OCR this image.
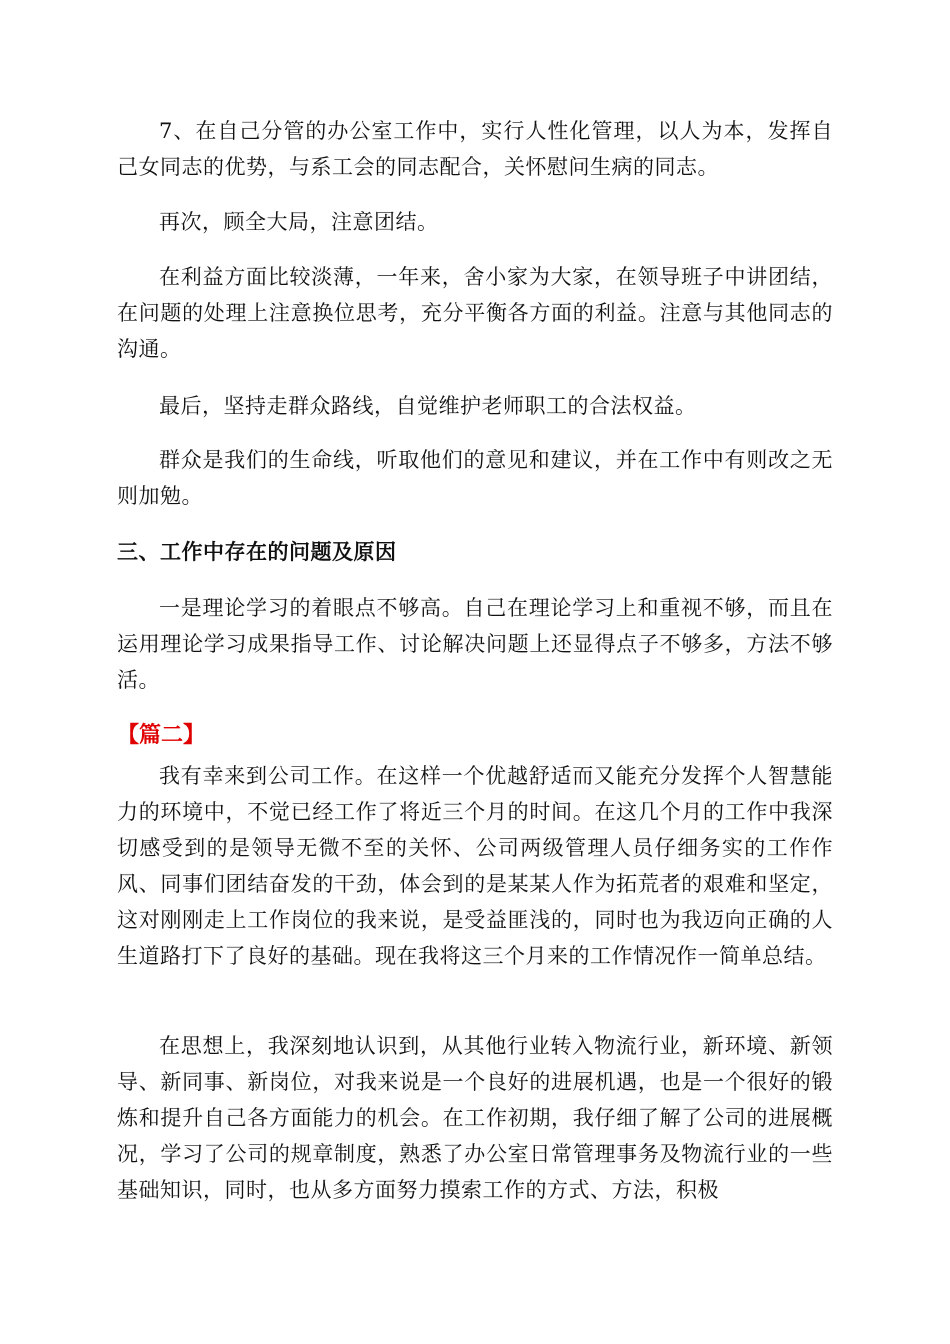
7、在自己分管的办公室工作中，实行人性化管理，以人为本，发挥自己女同志的优势，与系工会的同志配合，关怀慰问生病的同志。

再次，顾全大局，注意团结。

在利益方面比较淡薄，一年来，舍小家为大家，在领导班子中讲团结，在问题的处理上注意换位思考，充分平衡各方面的利益。注意与其他同志的沟通。

最后，坚持走群众路线，自觉维护老师职工的合法权益。

群众是我们的生命线，听取他们的意见和建议，并在工作中有则改之无则加勉。

三、工作中存在的问题及原因

一是理论学习的着眼点不够高。自己在理论学习上和重视不够，而且在运用理论学习成果指导工作、讨论解决问题上还显得点子不够多，方法不够活。

【篇二】

我有幸来到公司工作。在这样一个优越舒适而又能充分发挥个人智慧能力的环境中，不觉已经工作了将近三个月的时间。在这几个月的工作中我深切感受到的是领导无微不至的关怀、公司两级管理人员仔细务实的工作作风、同事们团结奋发的干劲，体会到的是某某人作为拓荒者的艰难和坚定，这对刚刚走上工作岗位的我来说，是受益匪浅的，同时也为我迈向正确的人生道路打下了良好的基础。现在我将这三个月来的工作情况作一简单总结。

在思想上，我深刻地认识到，从其他行业转入物流行业，新环境、新领导、新同事、新岗位，对我来说是一个良好的进展机遇，也是一个很好的锻炼和提升自己各方面能力的机会。在工作初期，我仔细了解了公司的进展概况，学习了公司的规章制度，熟悉了办公室日常管理事务及物流行业的一些基础知识，同时，也从多方面努力摸索工作的方式、方法，积极
